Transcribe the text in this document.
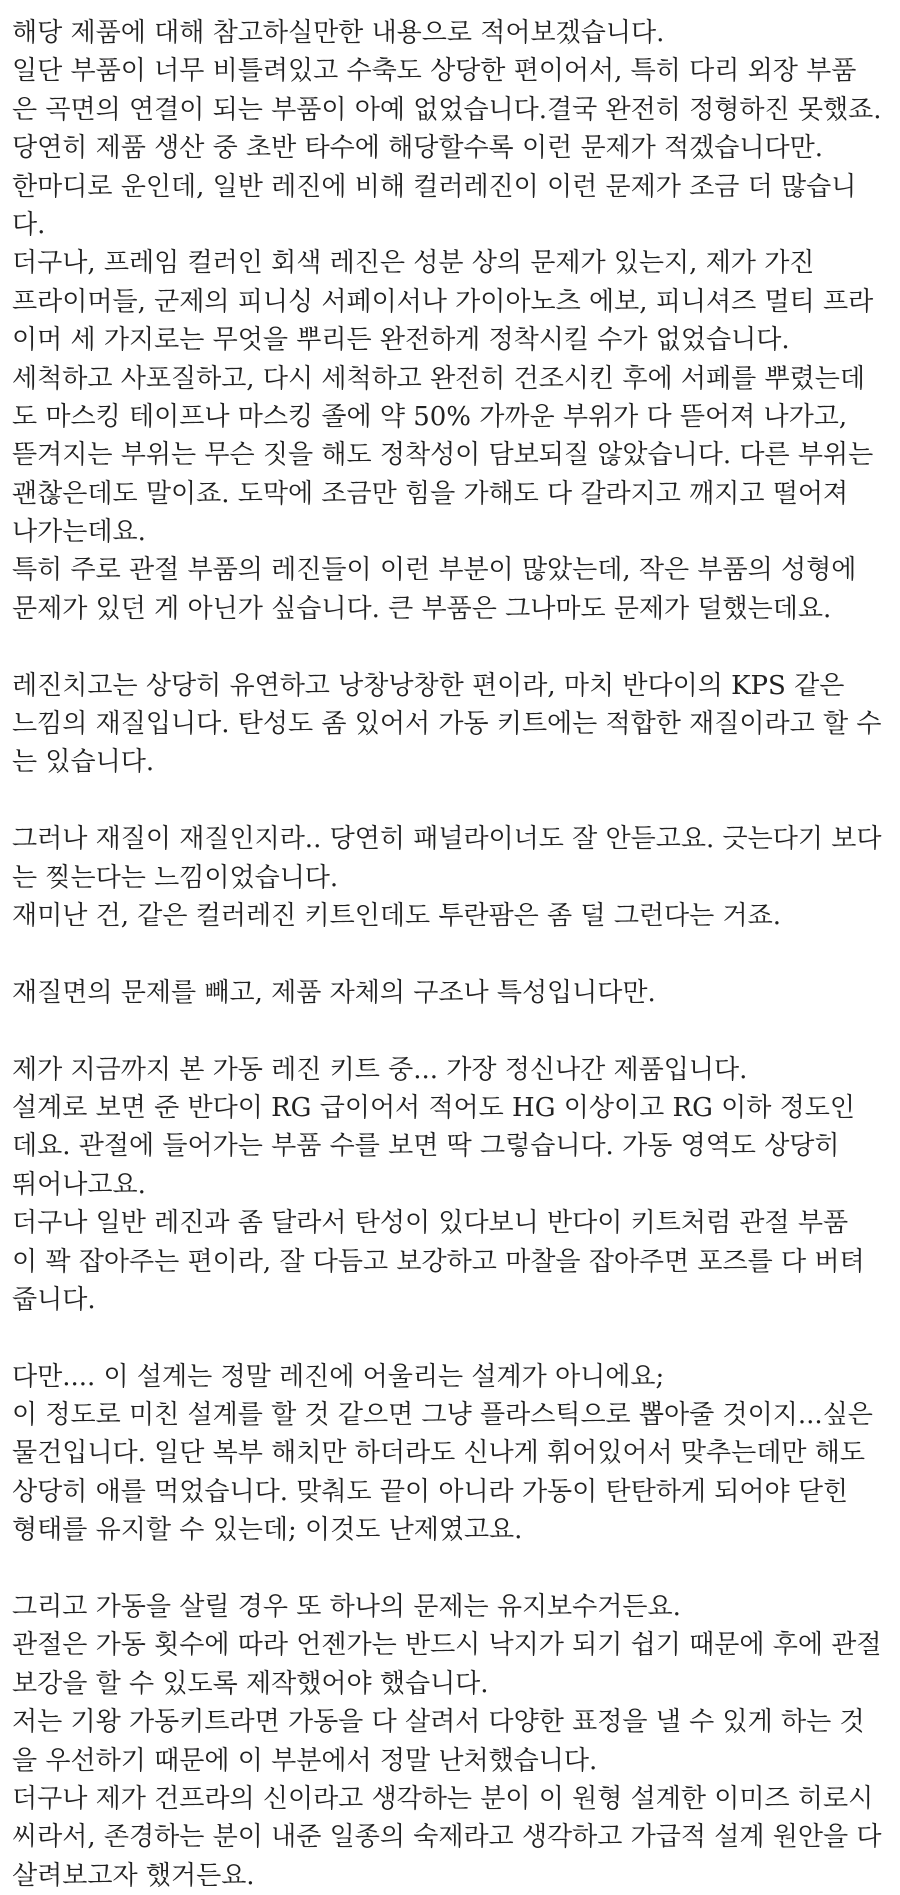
해당 제품에 대해 참고하실만한 내용으로 적어보겠습니다.
일단 부품이 너무 비틀려있고 수축도 상당한 편이어서, 특히 다리 외장 부품
은 곡면의 연결이 되는 부품이 아예 없었습니다.결국 완전히 정형하진 못했죠.
당연히 제품 생산 중 초반 타수에 해당할수록 이런 문제가 적겠습니다만.
한마디로 운인데, 일반 레진에 비해 컬러레진이 이런 문제가 조금 더 많습니
다.
더구나, 프레임 컬러인 회색 레진은 성분 상의 문제가 있는지, 제가 가진
프라이머들, 군제의 피니싱 서페이서나 가이아노츠 에보, 피니셔즈 멀티 프라
이머 세 가지로는 무엇을 뿌리든 완전하게 정착시킬 수가 없었습니다.
세척하고 사포질하고, 다시 세척하고 완전히 건조시킨 후에 서페를 뿌렸는데
도 마스킹 테이프나 마스킹 졸에 약 50% 가까운 부위가 다 뜯어져 나가고,
뜯겨지는 부위는 무슨 짓을 해도 정착성이 담보되질 않았습니다. 다른 부위는
괜찮은데도 말이죠. 도막에 조금만 힘을 가해도 다 갈라지고 깨지고 떨어져
나가는데요.
특히 주로 관절 부품의 레진들이 이런 부분이 많았는데, 작은 부품의 성형에
문제가 있던 게 아닌가 싶습니다. 큰 부품은 그나마도 문제가 덜했는데요.
레진치고는 상당히 유연하고 낭창낭창한 편이라, 마치 반다이의 KPS 같은
느낌의 재질입니다. 탄성도 좀 있어서 가동 키트에는 적합한 재질이라고 할 수
는 있습니다.
그러나 재질이 재질인지라.. 당연히 패널라이너도 잘 안듣고요. 긋는다기 보다
는 찢는다는 느낌이었습니다.
재미난 건, 같은 컬러레진 키트인데도 투란팜은 좀 덜 그런다는 거죠.
재질면의 문제를 빼고, 제품 자체의 구조나 특성입니다만.
제가 지금까지 본 가동 레진 키트 중... 가장 정신나간 제품입니다.
설계로 보면 준 반다이 RG 급이어서 적어도 HG 이상이고 RG 이하 정도인
데요. 관절에 들어가는 부품 수를 보면 딱 그렇습니다. 가동 영역도 상당히
뛰어나고요.
더구나 일반 레진과 좀 달라서 탄성이 있다보니 반다이 키트처럼 관절 부품
이 꽉 잡아주는 편이라, 잘 다듬고 보강하고 마찰을 잡아주면 포즈를 다 버텨
줍니다.
다만.... 이 설계는 정말 레진에 어울리는 설계가 아니에요;
이 정도로 미친 설계를 할 것 같으면 그냥 플라스틱으로 뽑아줄 것이지...싶은
물건입니다. 일단 복부 해치만 하더라도 신나게 휘어있어서 맞추는데만 해도
상당히 애를 먹었습니다. 맞춰도 끝이 아니라 가동이 탄탄하게 되어야 닫힌
형태를 유지할 수 있는데; 이것도 난제였고요.
그리고 가동을 살릴 경우 또 하나의 문제는 유지보수거든요.
관절은 가동 횟수에 따라 언젠가는 반드시 낙지가 되기 쉽기 때문에 후에 관절
보강을 할 수 있도록 제작했어야 했습니다.
저는 기왕 가동키트라면 가동을 다 살려서 다양한 표정을 낼 수 있게 하는 것
을 우선하기 때문에 이 부분에서 정말 난처했습니다.
더구나 제가 건프라의 신이라고 생각하는 분이 이 원형 설계한 이미즈 히로시
씨라서, 존경하는 분이 내준 일종의 숙제라고 생각하고 가급적 설계 원안을 다
살려보고자 했거든요.
